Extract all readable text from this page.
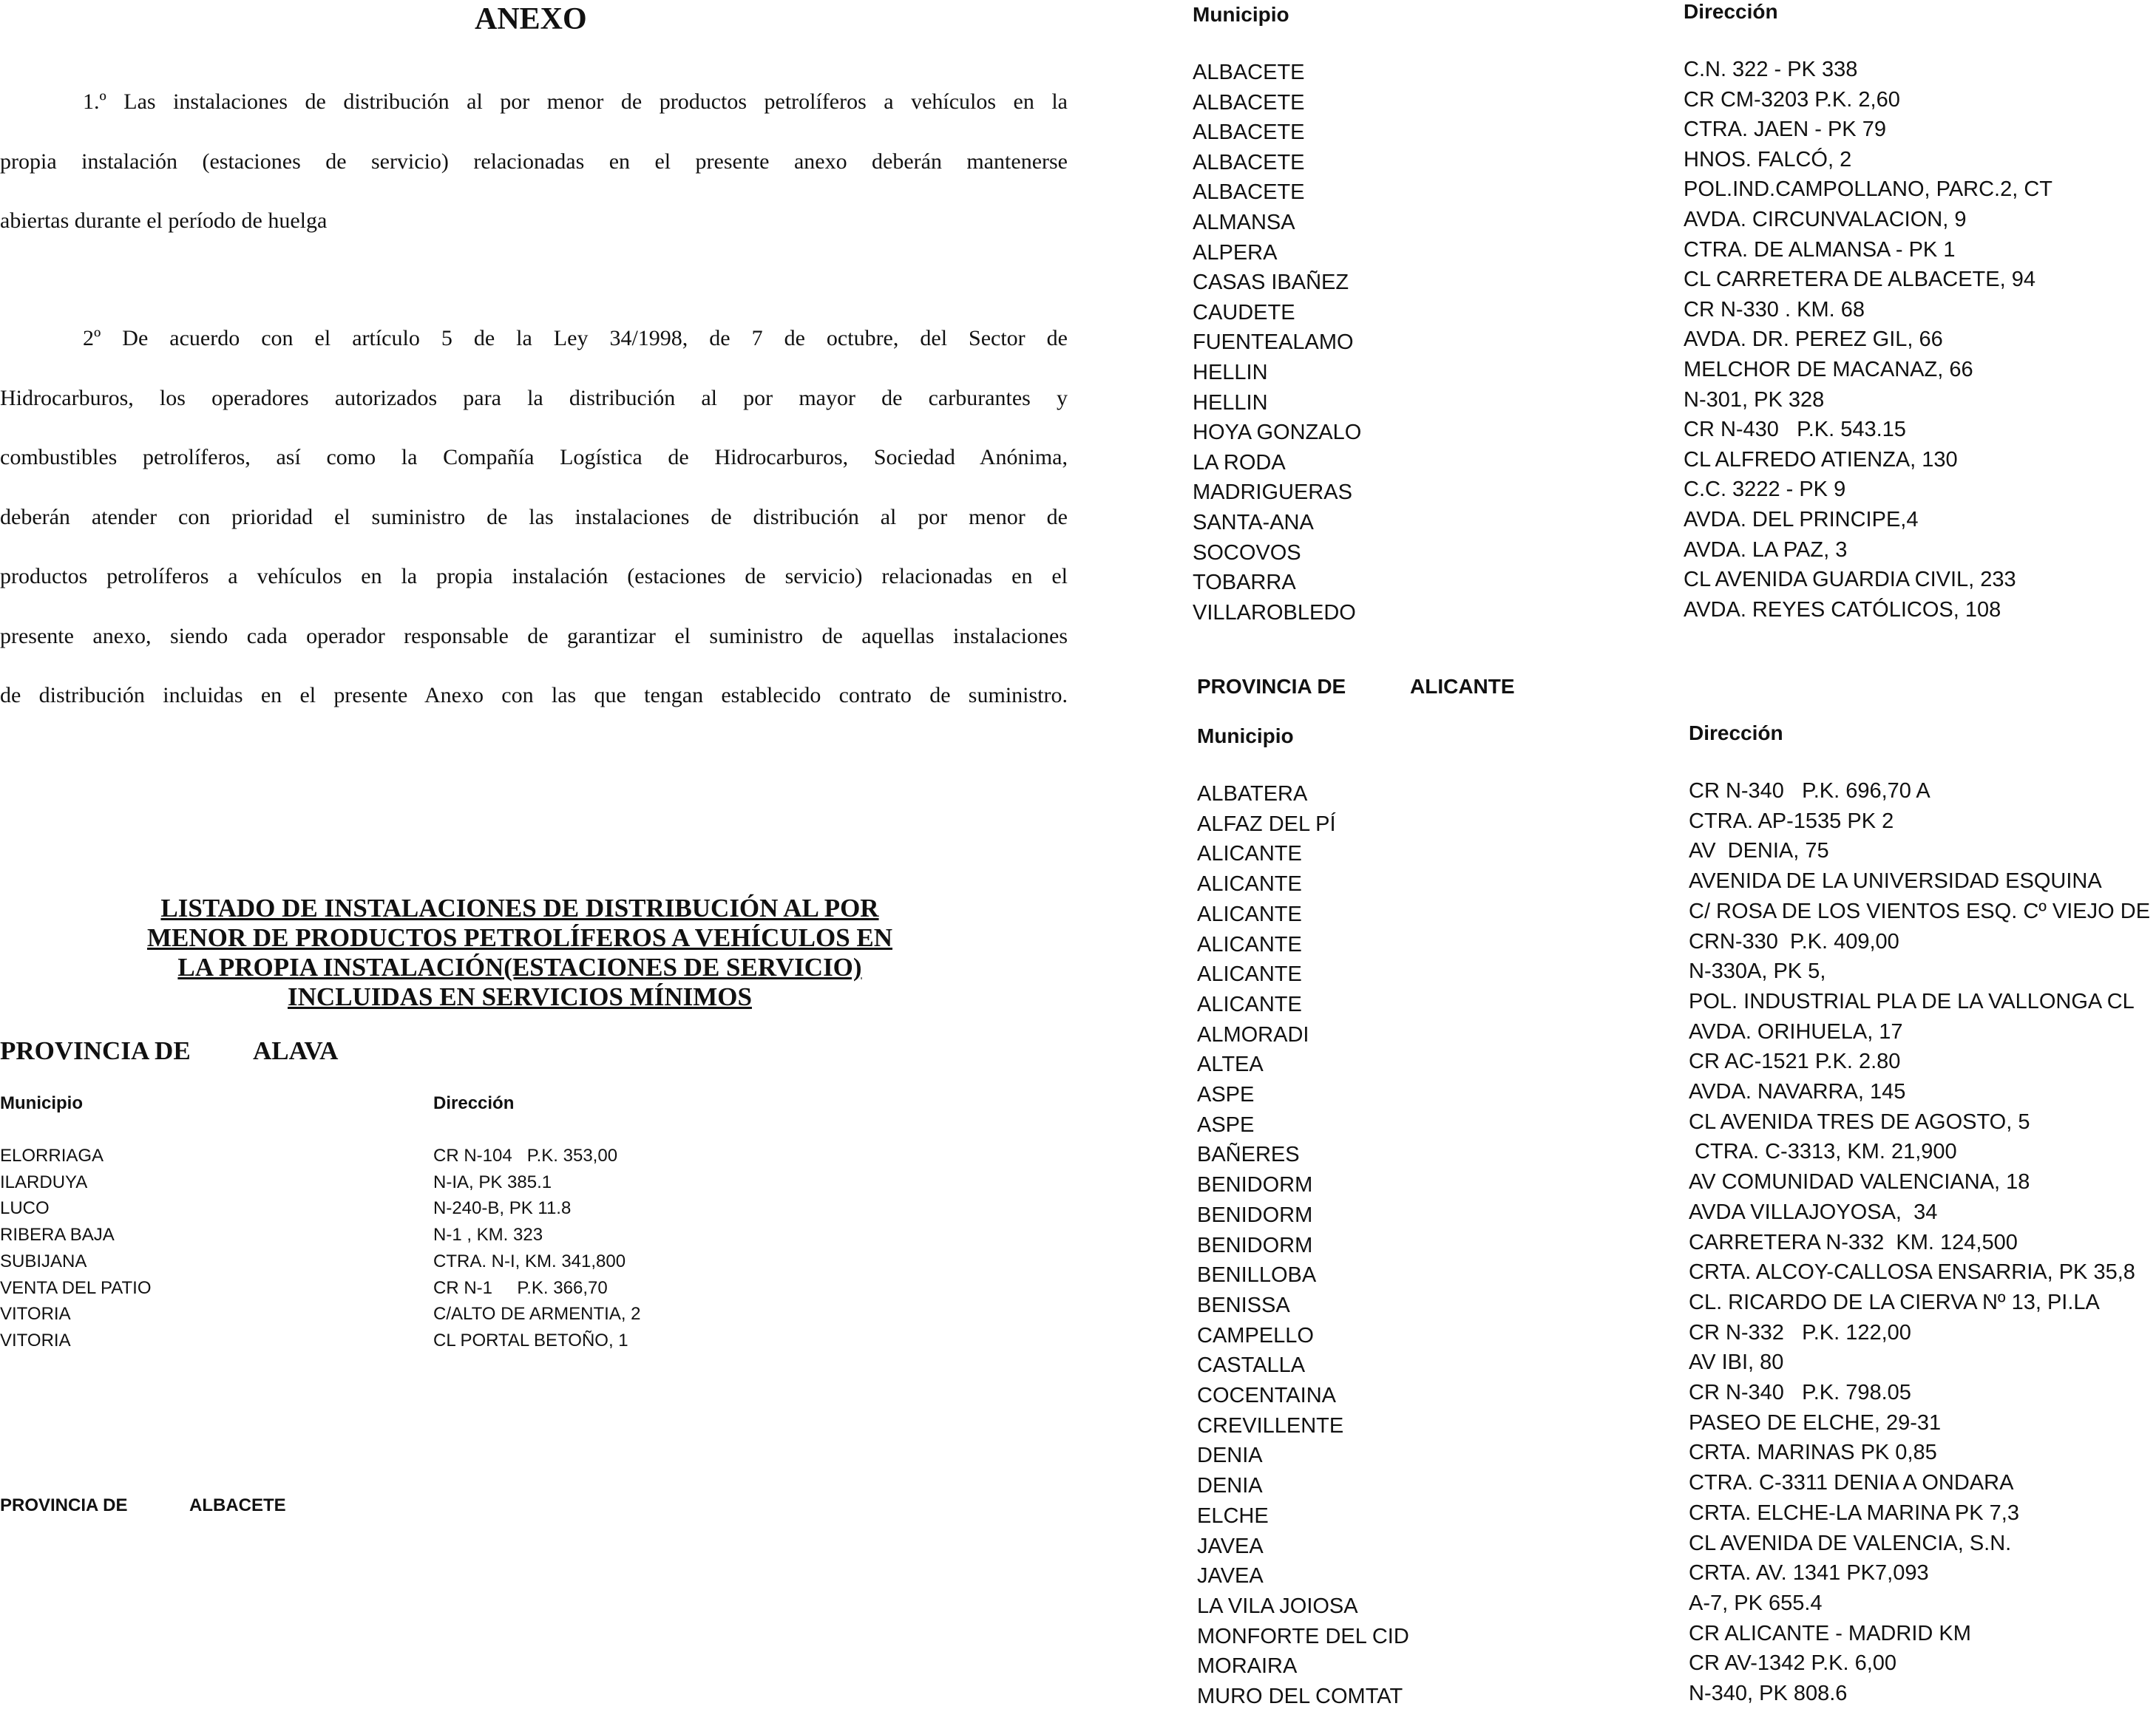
ANEXO
1.º Las instalaciones de distribución al por menor de productos petrolíferos a vehículos en la
propia instalación (estaciones de servicio) relacionadas en el presente anexo deberán mantenerse
abiertas durante el período de huelga
2º De acuerdo con el artículo 5 de la Ley 34/1998, de 7 de octubre, del Sector de
Hidrocarburos, los operadores autorizados para la distribución al por mayor de carburantes y
combustibles petrolíferos, así como la Compañía Logística de Hidrocarburos, Sociedad Anónima,
deberán atender con prioridad el suministro de las instalaciones de distribución al por menor de
productos petrolíferos a vehículos en la propia instalación (estaciones de servicio) relacionadas en el
presente anexo, siendo cada operador responsable de garantizar el suministro de aquellas instalaciones
de distribución incluidas en el presente Anexo con las que tengan establecido contrato de suministro.
LISTADO DE INSTALACIONES DE DISTRIBUCIÓN AL POR
MENOR DE PRODUCTOS PETROLÍFEROS A VEHÍCULOS EN
LA PROPIA INSTALACIÓN(ESTACIONES DE SERVICIO)
INCLUIDAS EN SERVICIOS MÍNIMOS
PROVINCIA DE ALAVA
Municipio	Dirección
ELORRIAGA	CR N-104   P.K. 353,00
ILARDUYA	N-IA, PK 385.1
LUCO	N-240-B, PK 11.8
RIBERA BAJA	N-1 , KM. 323
SUBIJANA	CTRA. N-I, KM. 341,800
VENTA DEL PATIO	CR N-1     P.K. 366,70
VITORIA	C/ALTO DE ARMENTIA, 2
VITORIA	CL PORTAL BETOÑO, 1
PROVINCIA DE	ALBACETE
Municipio	Dirección
ALBACETE	C.N. 322 - PK 338
ALBACETE	CR CM-3203 P.K. 2,60
ALBACETE	CTRA. JAEN - PK 79
ALBACETE	HNOS. FALCÓ, 2
ALBACETE	POL.IND.CAMPOLLANO, PARC.2, CT
ALMANSA	AVDA. CIRCUNVALACION, 9
ALPERA	CTRA. DE ALMANSA - PK 1
CASAS IBAÑEZ	CL CARRETERA DE ALBACETE, 94
CAUDETE	CR N-330 . KM. 68
FUENTEALAMO	AVDA. DR. PEREZ GIL, 66
HELLIN	MELCHOR DE MACANAZ, 66
HELLIN	N-301, PK 328
HOYA GONZALO	CR N-430   P.K. 543.15
LA RODA	CL ALFREDO ATIENZA, 130
MADRIGUERAS	C.C. 3222 - PK 9
SANTA-ANA	AVDA. DEL PRINCIPE,4
SOCOVOS	AVDA. LA PAZ, 3
TOBARRA	CL AVENIDA GUARDIA CIVIL, 233
VILLAROBLEDO	AVDA. REYES CATÓLICOS, 108
PROVINCIA DE	ALICANTE
Municipio	Dirección
ALBATERA	CR N-340   P.K. 696,70 A
ALFAZ DEL PÍ	CTRA. AP-1535 PK 2
ALICANTE	AV  DENIA, 75
ALICANTE	AVENIDA DE LA UNIVERSIDAD ESQUINA
ALICANTE	C/ ROSA DE LOS VIENTOS ESQ. Cº VIEJO DE
ALICANTE	CRN-330  P.K. 409,00
ALICANTE	N-330A, PK 5,
ALICANTE	POL. INDUSTRIAL PLA DE LA VALLONGA CL
ALMORADI	AVDA. ORIHUELA, 17
ALTEA	CR AC-1521 P.K. 2.80
ASPE	AVDA. NAVARRA, 145
ASPE	CL AVENIDA TRES DE AGOSTO, 5
BAÑERES	CTRA. C-3313, KM. 21,900
BENIDORM	AV COMUNIDAD VALENCIANA, 18
BENIDORM	AVDA VILLAJOYOSA,  34
BENIDORM	CARRETERA N-332  KM. 124,500
BENILLOBA	CRTA. ALCOY-CALLOSA ENSARRIA, PK 35,8
BENISSA	CL. RICARDO DE LA CIERVA Nº 13, PI.LA
CAMPELLO	CR N-332   P.K. 122,00
CASTALLA	AV IBI, 80
COCENTAINA	CR N-340   P.K. 798.05
CREVILLENTE	PASEO DE ELCHE, 29-31
DENIA	CRTA. MARINAS PK 0,85
DENIA	CTRA. C-3311 DENIA A ONDARA
ELCHE	CRTA. ELCHE-LA MARINA PK 7,3
JAVEA	CL AVENIDA DE VALENCIA, S.N.
JAVEA	CRTA. AV. 1341 PK7,093
LA VILA JOIOSA	A-7, PK 655.4
MONFORTE DEL CID	CR ALICANTE - MADRID KM
MORAIRA	CR AV-1342 P.K. 6,00
MURO DEL COMTAT	N-340, PK 808.6
